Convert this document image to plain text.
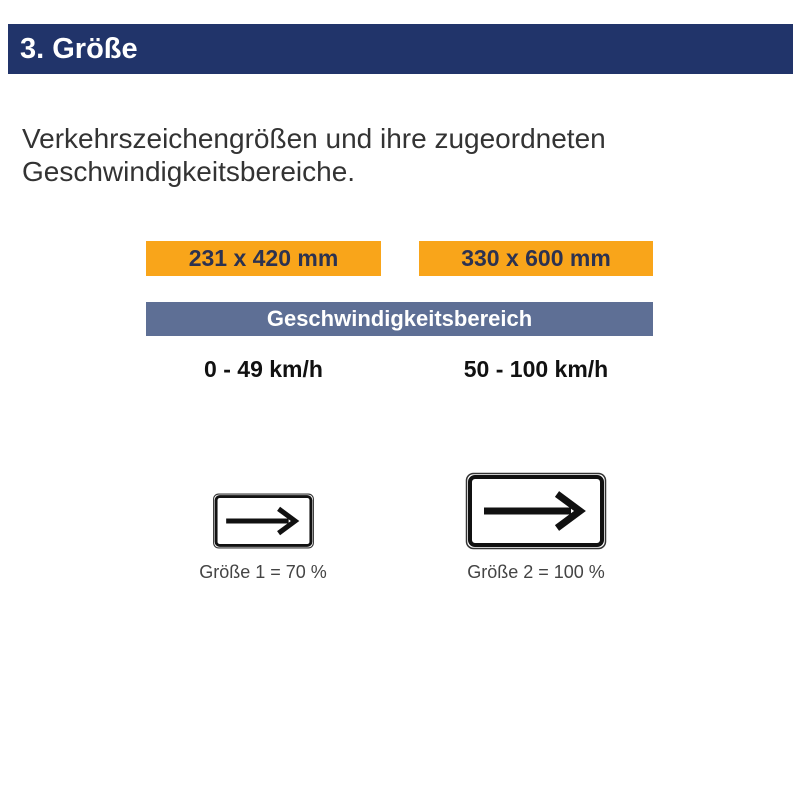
3. Größe
Verkehrszeichengrößen und ihre zugeordneten
Geschwindigkeitsbereiche.
231 x 420 mm	330 x 600 mm
Geschwindigkeitsbereich
0 - 49 km/h	50 - 100 km/h
Größe 1 = 70 %	Größe 2 = 100 %
